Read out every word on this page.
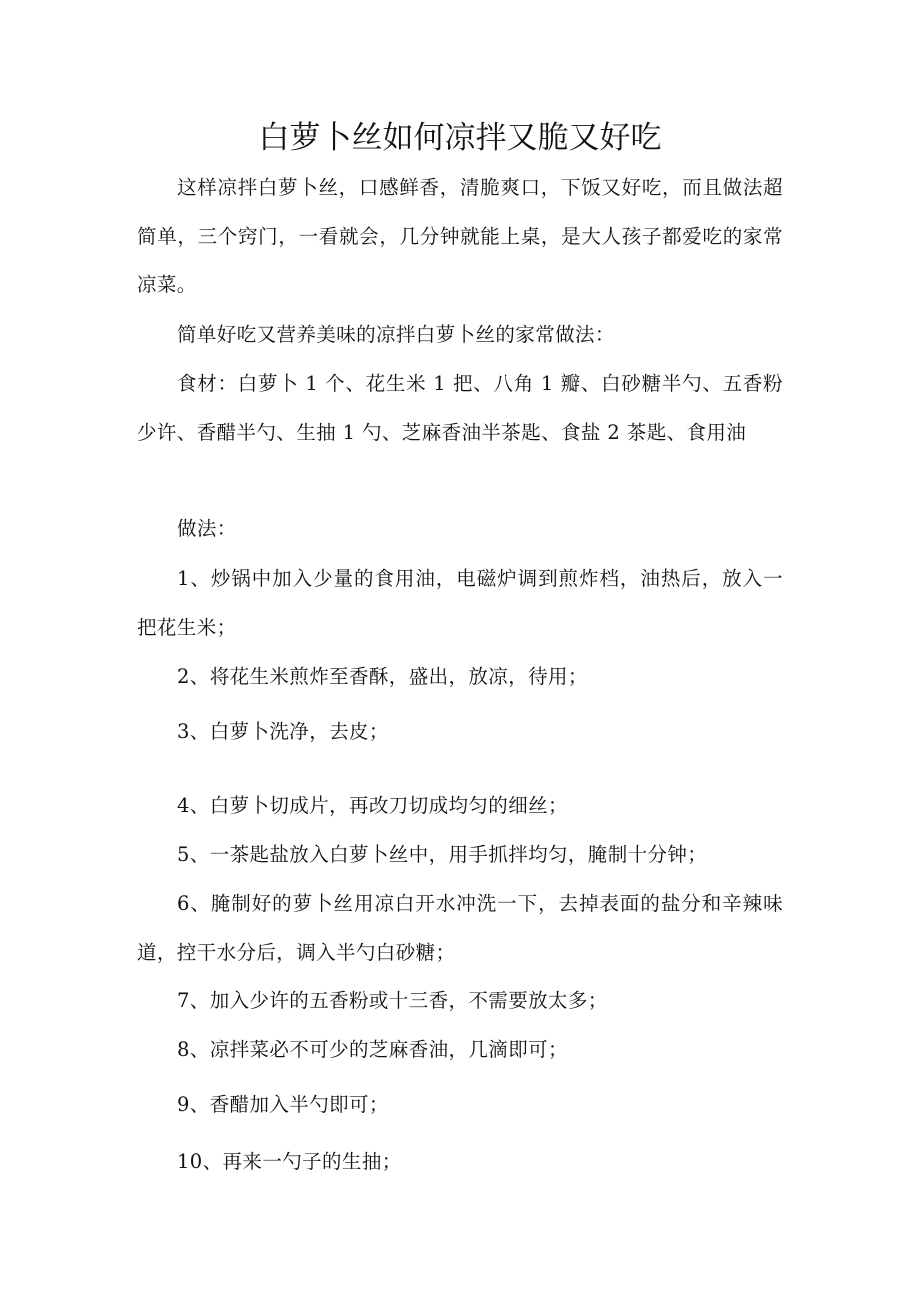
白萝卜丝如何凉拌又脆又好吃

这样凉拌白萝卜丝，口感鲜香，清脆爽口，下饭又好吃，而且做法超简单，三个窍门，一看就会，几分钟就能上桌，是大人孩子都爱吃的家常凉菜。

简单好吃又营养美味的凉拌白萝卜丝的家常做法：

食材：白萝卜 1 个、花生米 1 把、八角 1 瓣、白砂糖半勺、五香粉少许、香醋半勺、生抽 1 勺、芝麻香油半茶匙、食盐 2 茶匙、食用油

做法：

1、炒锅中加入少量的食用油，电磁炉调到煎炸档，油热后，放入一把花生米；

2、将花生米煎炸至香酥，盛出，放凉，待用；

3、白萝卜洗净，去皮；

4、白萝卜切成片，再改刀切成均匀的细丝；

5、一茶匙盐放入白萝卜丝中，用手抓拌均匀，腌制十分钟；

6、腌制好的萝卜丝用凉白开水冲洗一下，去掉表面的盐分和辛辣味道，控干水分后，调入半勺白砂糖；

7、加入少许的五香粉或十三香，不需要放太多；

8、凉拌菜必不可少的芝麻香油，几滴即可；

9、香醋加入半勺即可；

10、再来一勺子的生抽；
